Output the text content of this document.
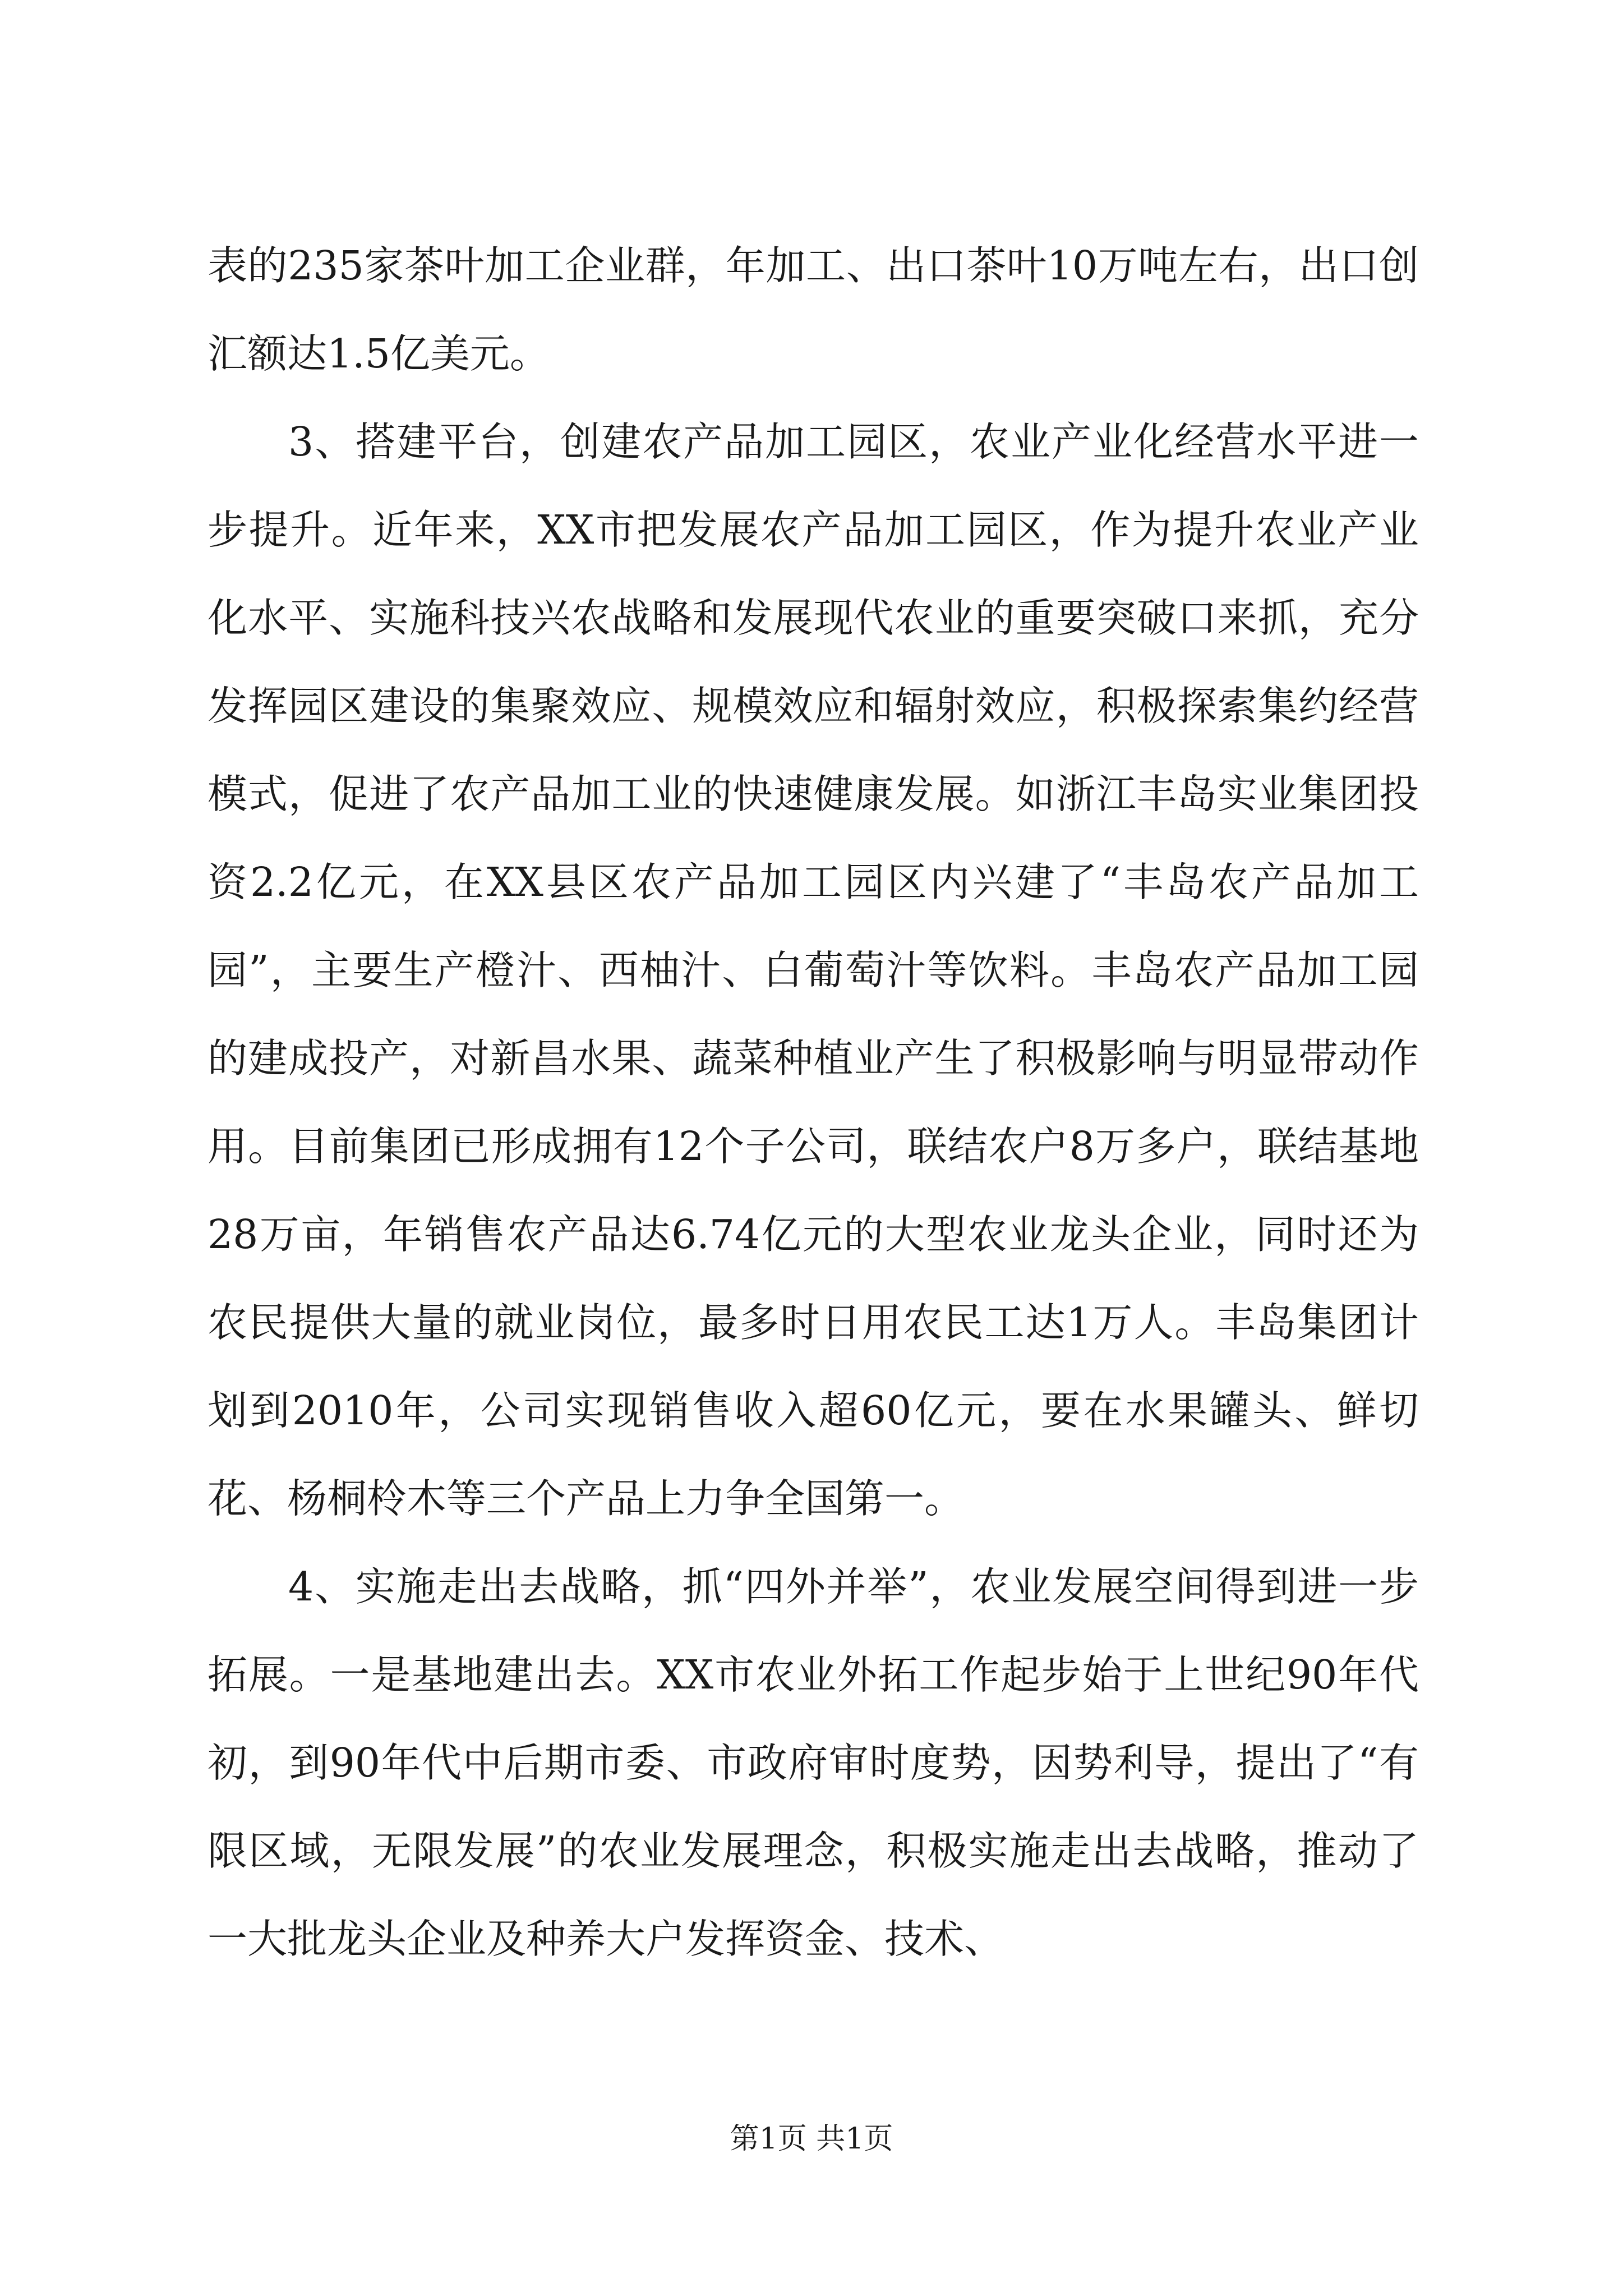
表的235家茶叶加工企业群，年加工、出口茶叶10万吨左右，出口创汇额达1.5亿美元。

3、搭建平台，创建农产品加工园区，农业产业化经营水平进一步提升。近年来，XX市把发展农产品加工园区，作为提升农业产业化水平、实施科技兴农战略和发展现代农业的重要突破口来抓，充分发挥园区建设的集聚效应、规模效应和辐射效应，积极探索集约经营模式，促进了农产品加工业的快速健康发展。如浙江丰岛实业集团投资2.2亿元，在XX县区农产品加工园区内兴建了“丰岛农产品加工园”，主要生产橙汁、西柚汁、白葡萄汁等饮料。丰岛农产品加工园的建成投产，对新昌水果、蔬菜种植业产生了积极影响与明显带动作用。目前集团已形成拥有12个子公司，联结农户8万多户，联结基地28万亩，年销售农产品达6.74亿元的大型农业龙头企业，同时还为农民提供大量的就业岗位，最多时日用农民工达1万人。丰岛集团计划到2010年，公司实现销售收入超60亿元，要在水果罐头、鲜切花、杨桐柃木等三个产品上力争全国第一。

4、实施走出去战略，抓“四外并举”，农业发展空间得到进一步拓展。一是基地建出去。XX市农业外拓工作起步始于上世纪90年代初，到90年代中后期市委、市政府审时度势，因势利导，提出了“有限区域，无限发展”的农业发展理念，积极实施走出去战略，推动了一大批龙头企业及种养大户发挥资金、技术、

第1页 共1页
